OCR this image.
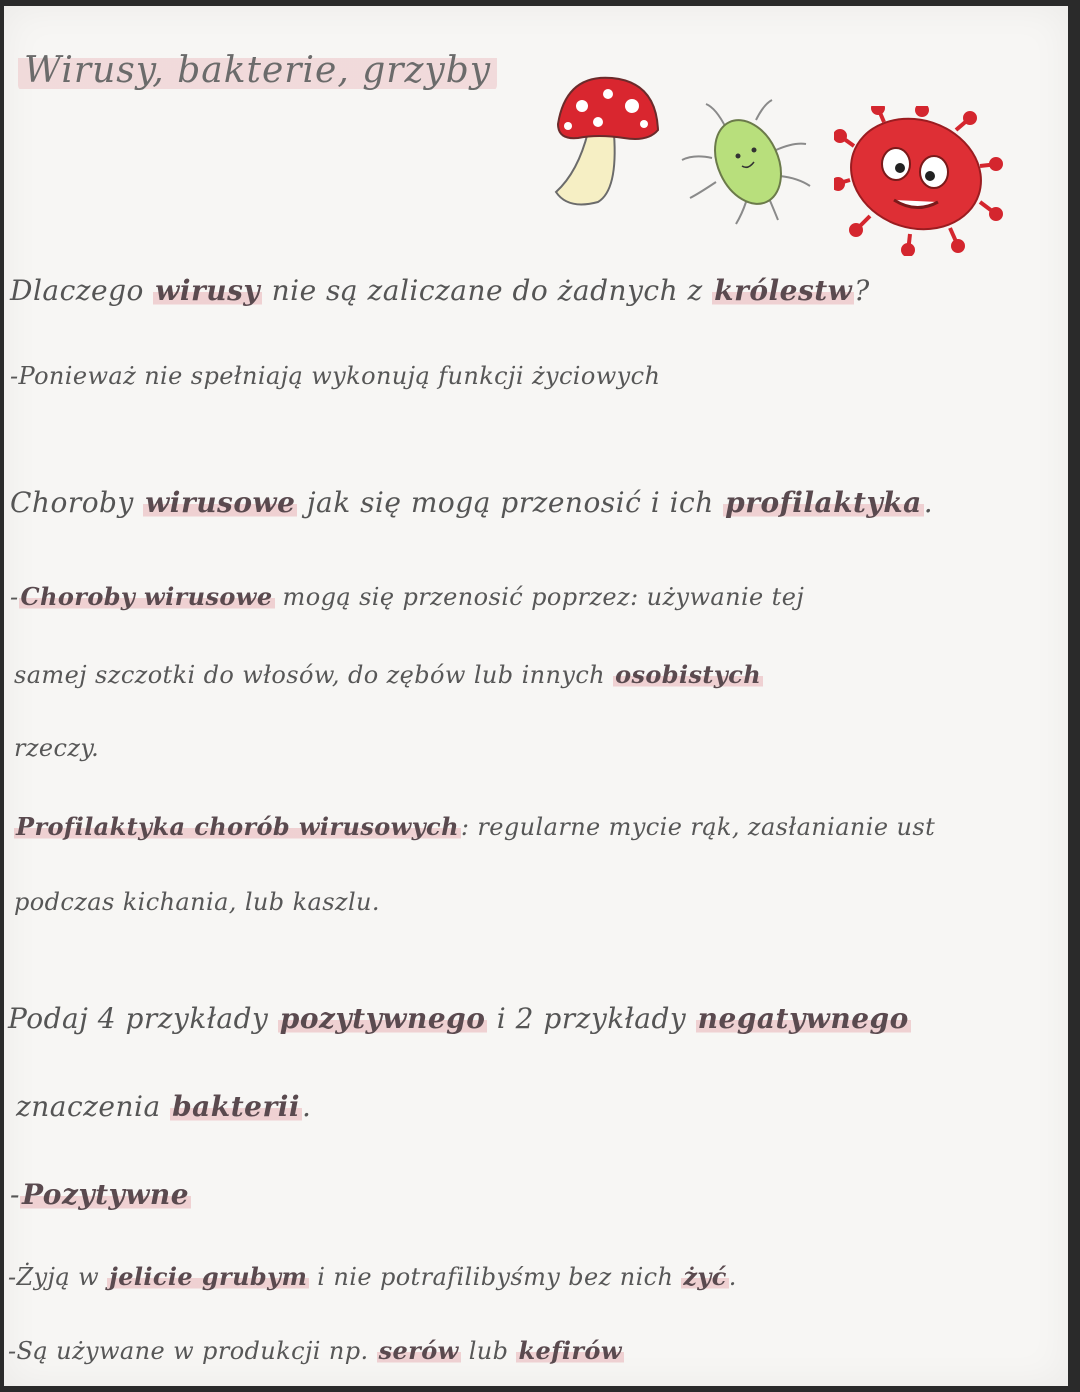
Wirusy, bakterie, grzyby
Dlaczego wirusy nie są zaliczane do żadnych z królestw?
-Ponieważ nie spełniają wykonują funkcji życiowych
Choroby wirusowe jak się mogą przenosić i ich profilaktyka.
-Choroby wirusowe mogą się przenosić poprzez: używanie tej
samej szczotki do włosów, do zębów lub innych osobistych
rzeczy.
Profilaktyka chorób wirusowych: regularne mycie rąk, zasłanianie ust
podczas kichania, lub kaszlu.
Podaj 4 przykłady pozytywnego i 2 przykłady negatywnego
znaczenia bakterii.
-Pozytywne
-Żyją w jelicie grubym i nie potrafilibyśmy bez nich żyć.
-Są używane w produkcji np. serów lub kefirów
